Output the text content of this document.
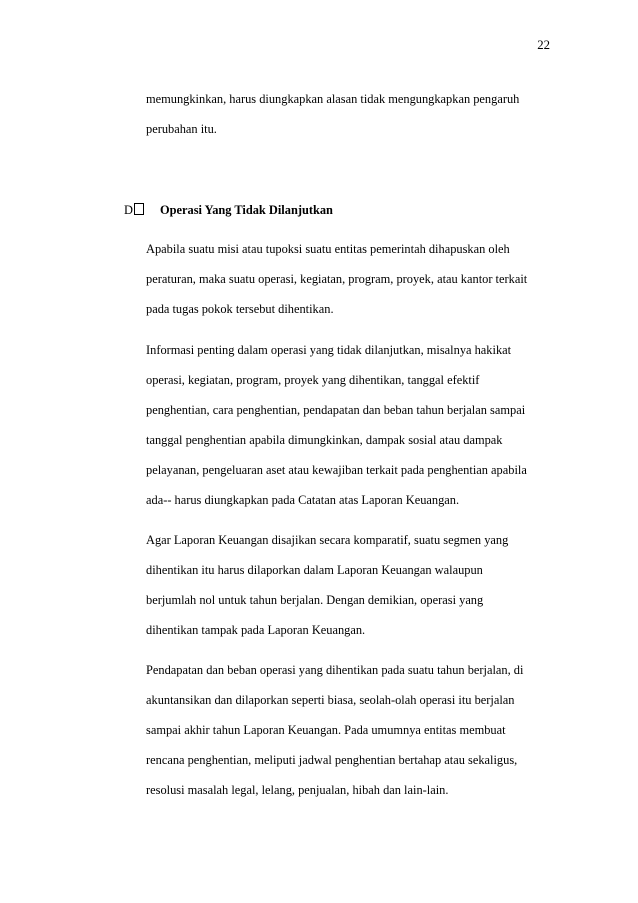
22
memungkinkan, harus diungkapkan alasan tidak mengungkapkan pengaruh
perubahan itu.
D	Operasi Yang Tidak Dilanjutkan
Apabila suatu misi atau tupoksi suatu entitas pemerintah dihapuskan oleh
peraturan, maka suatu operasi, kegiatan, program, proyek, atau kantor terkait
pada tugas pokok tersebut dihentikan.
Informasi penting dalam operasi yang tidak dilanjutkan, misalnya hakikat
operasi, kegiatan, program, proyek yang dihentikan, tanggal efektif
penghentian, cara penghentian, pendapatan dan beban tahun berjalan sampai
tanggal penghentian apabila dimungkinkan, dampak sosial atau dampak
pelayanan, pengeluaran aset atau kewajiban terkait pada penghentian apabila
ada-- harus diungkapkan pada Catatan atas Laporan Keuangan.
Agar Laporan Keuangan disajikan secara komparatif, suatu segmen yang
dihentikan itu harus dilaporkan dalam Laporan Keuangan walaupun
berjumlah nol untuk tahun berjalan. Dengan demikian, operasi yang
dihentikan tampak pada Laporan Keuangan.
Pendapatan dan beban operasi yang dihentikan pada suatu tahun berjalan, di
akuntansikan dan dilaporkan seperti biasa, seolah-olah operasi itu berjalan
sampai akhir tahun Laporan Keuangan. Pada umumnya entitas membuat
rencana penghentian, meliputi jadwal penghentian bertahap atau sekaligus,
resolusi masalah legal, lelang, penjualan, hibah dan lain-lain.
